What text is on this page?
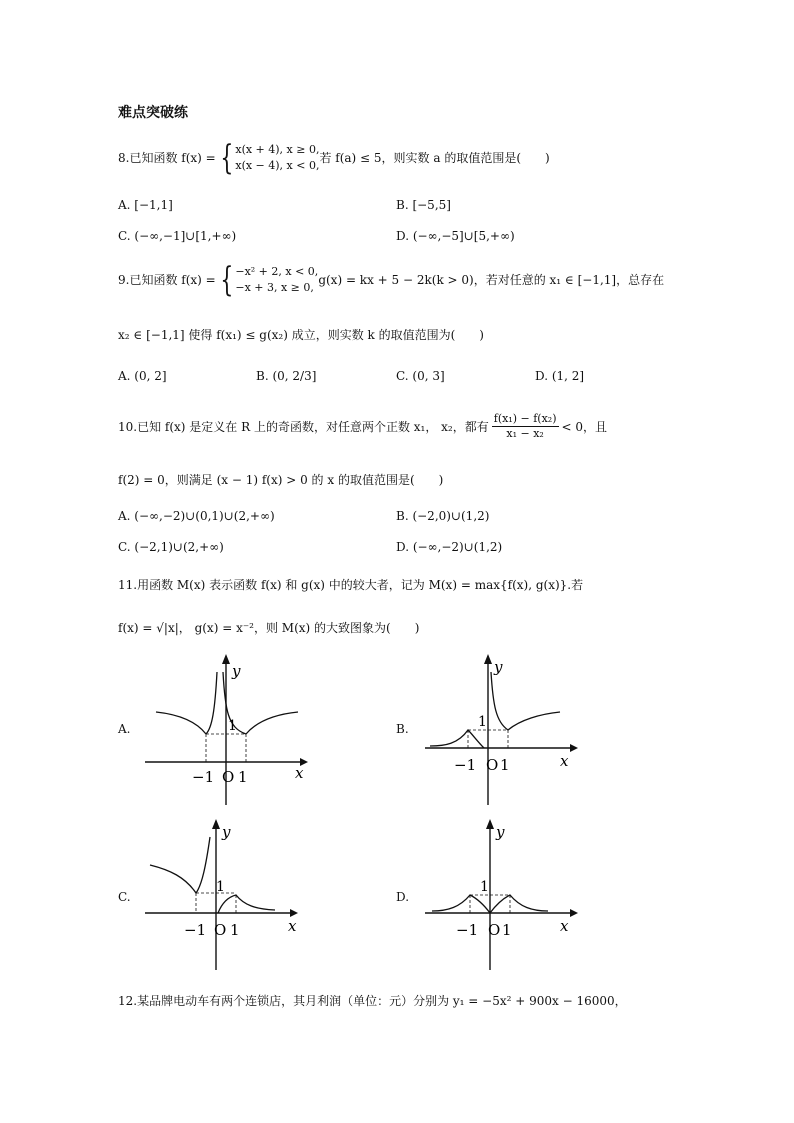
难点突破练
8.已知函数 f(x) = { x(x + 4), x ≥ 0,
x(x − 4), x < 0,
若 f(a) ≤ 5，则实数 a 的取值范围是(　　)
A. [−1,1]	B. [−5,5]
C. (−∞,−1]∪[1,+∞)	D. (−∞,−5]∪[5,+∞)
9.已知函数 f(x) = { −x² + 2, x < 0,
−x + 3, x ≥ 0,
g(x) = kx + 5 − 2k(k > 0)，若对任意的 x₁ ∈ [−1,1]，总存在
x₂ ∈ [−1,1] 使得 f(x₁) ≤ g(x₂) 成立，则实数 k 的取值范围为(　　)
A. (0, 2]	B. (0, 2/3]	C. (0, 3]	D. (1, 2]
10.已知 f(x) 是定义在 R 上的奇函数，对任意两个正数 x₁， x₂，都有 $\frac{\text{f(x₁) − f(x₂)}}{\text{x₁ − x₂}} < 0$，且
f(2) = 0，则满足 (x − 1) f(x) > 0 的 x 的取值范围是(　　)
A. (−∞,−2)∪(0,1)∪(2,+∞)	B. (−2,0)∪(1,2)
C. (−2,1)∪(2,+∞)	D. (−∞,−2)∪(1,2)
11.用函数 M(x) 表示函数 f(x) 和 g(x) 中的较大者，记为 M(x) = max{f(x), g(x)}.若
f(x) = √|x|， g(x) = x⁻²，则 M(x) 的大致图象为(　　)
A.
y
x
−1 O 1
1	B.
y
x
−1 O 1
1
C.
y
x
−1 O 1
1
D.
y
x
−1 O 1
1
12.某品牌电动车有两个连锁店，其月利润（单位：元）分别为 y₁ = −5x² + 900x − 16000，
